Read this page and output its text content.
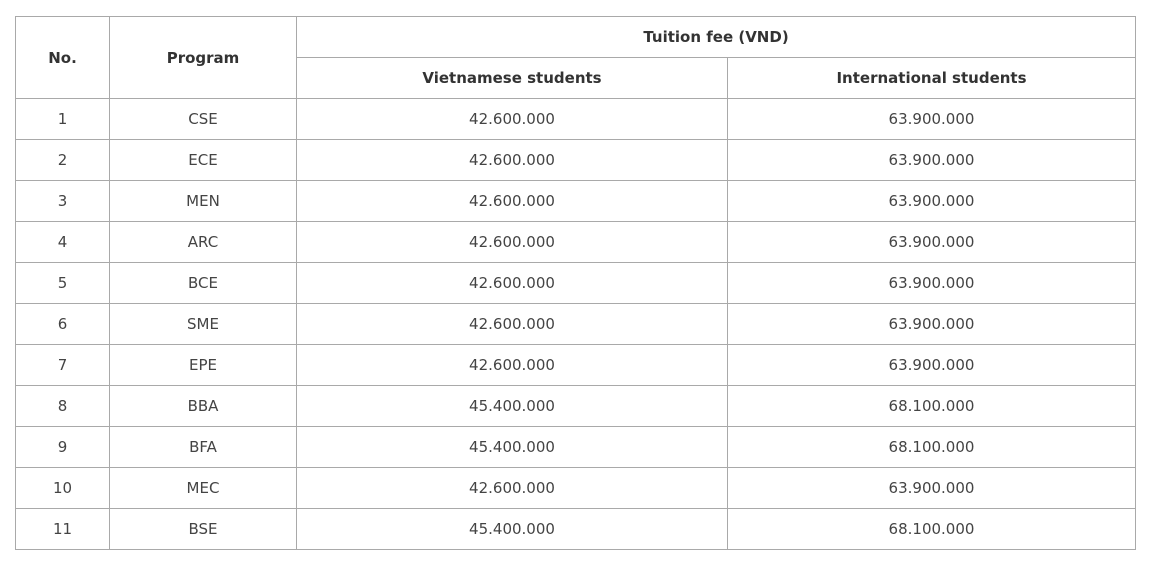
No.	Program	Tuition fee (VND)	
		Vietnamese students	International students
1	CSE	42.600.000	63.900.000
2	ECE	42.600.000	63.900.000
3	MEN	42.600.000	63.900.000
4	ARC	42.600.000	63.900.000
5	BCE	42.600.000	63.900.000
6	SME	42.600.000	63.900.000
7	EPE	42.600.000	63.900.000
8	BBA	45.400.000	68.100.000
9	BFA	45.400.000	68.100.000
10	MEC	42.600.000	63.900.000
11	BSE	45.400.000	68.100.000
